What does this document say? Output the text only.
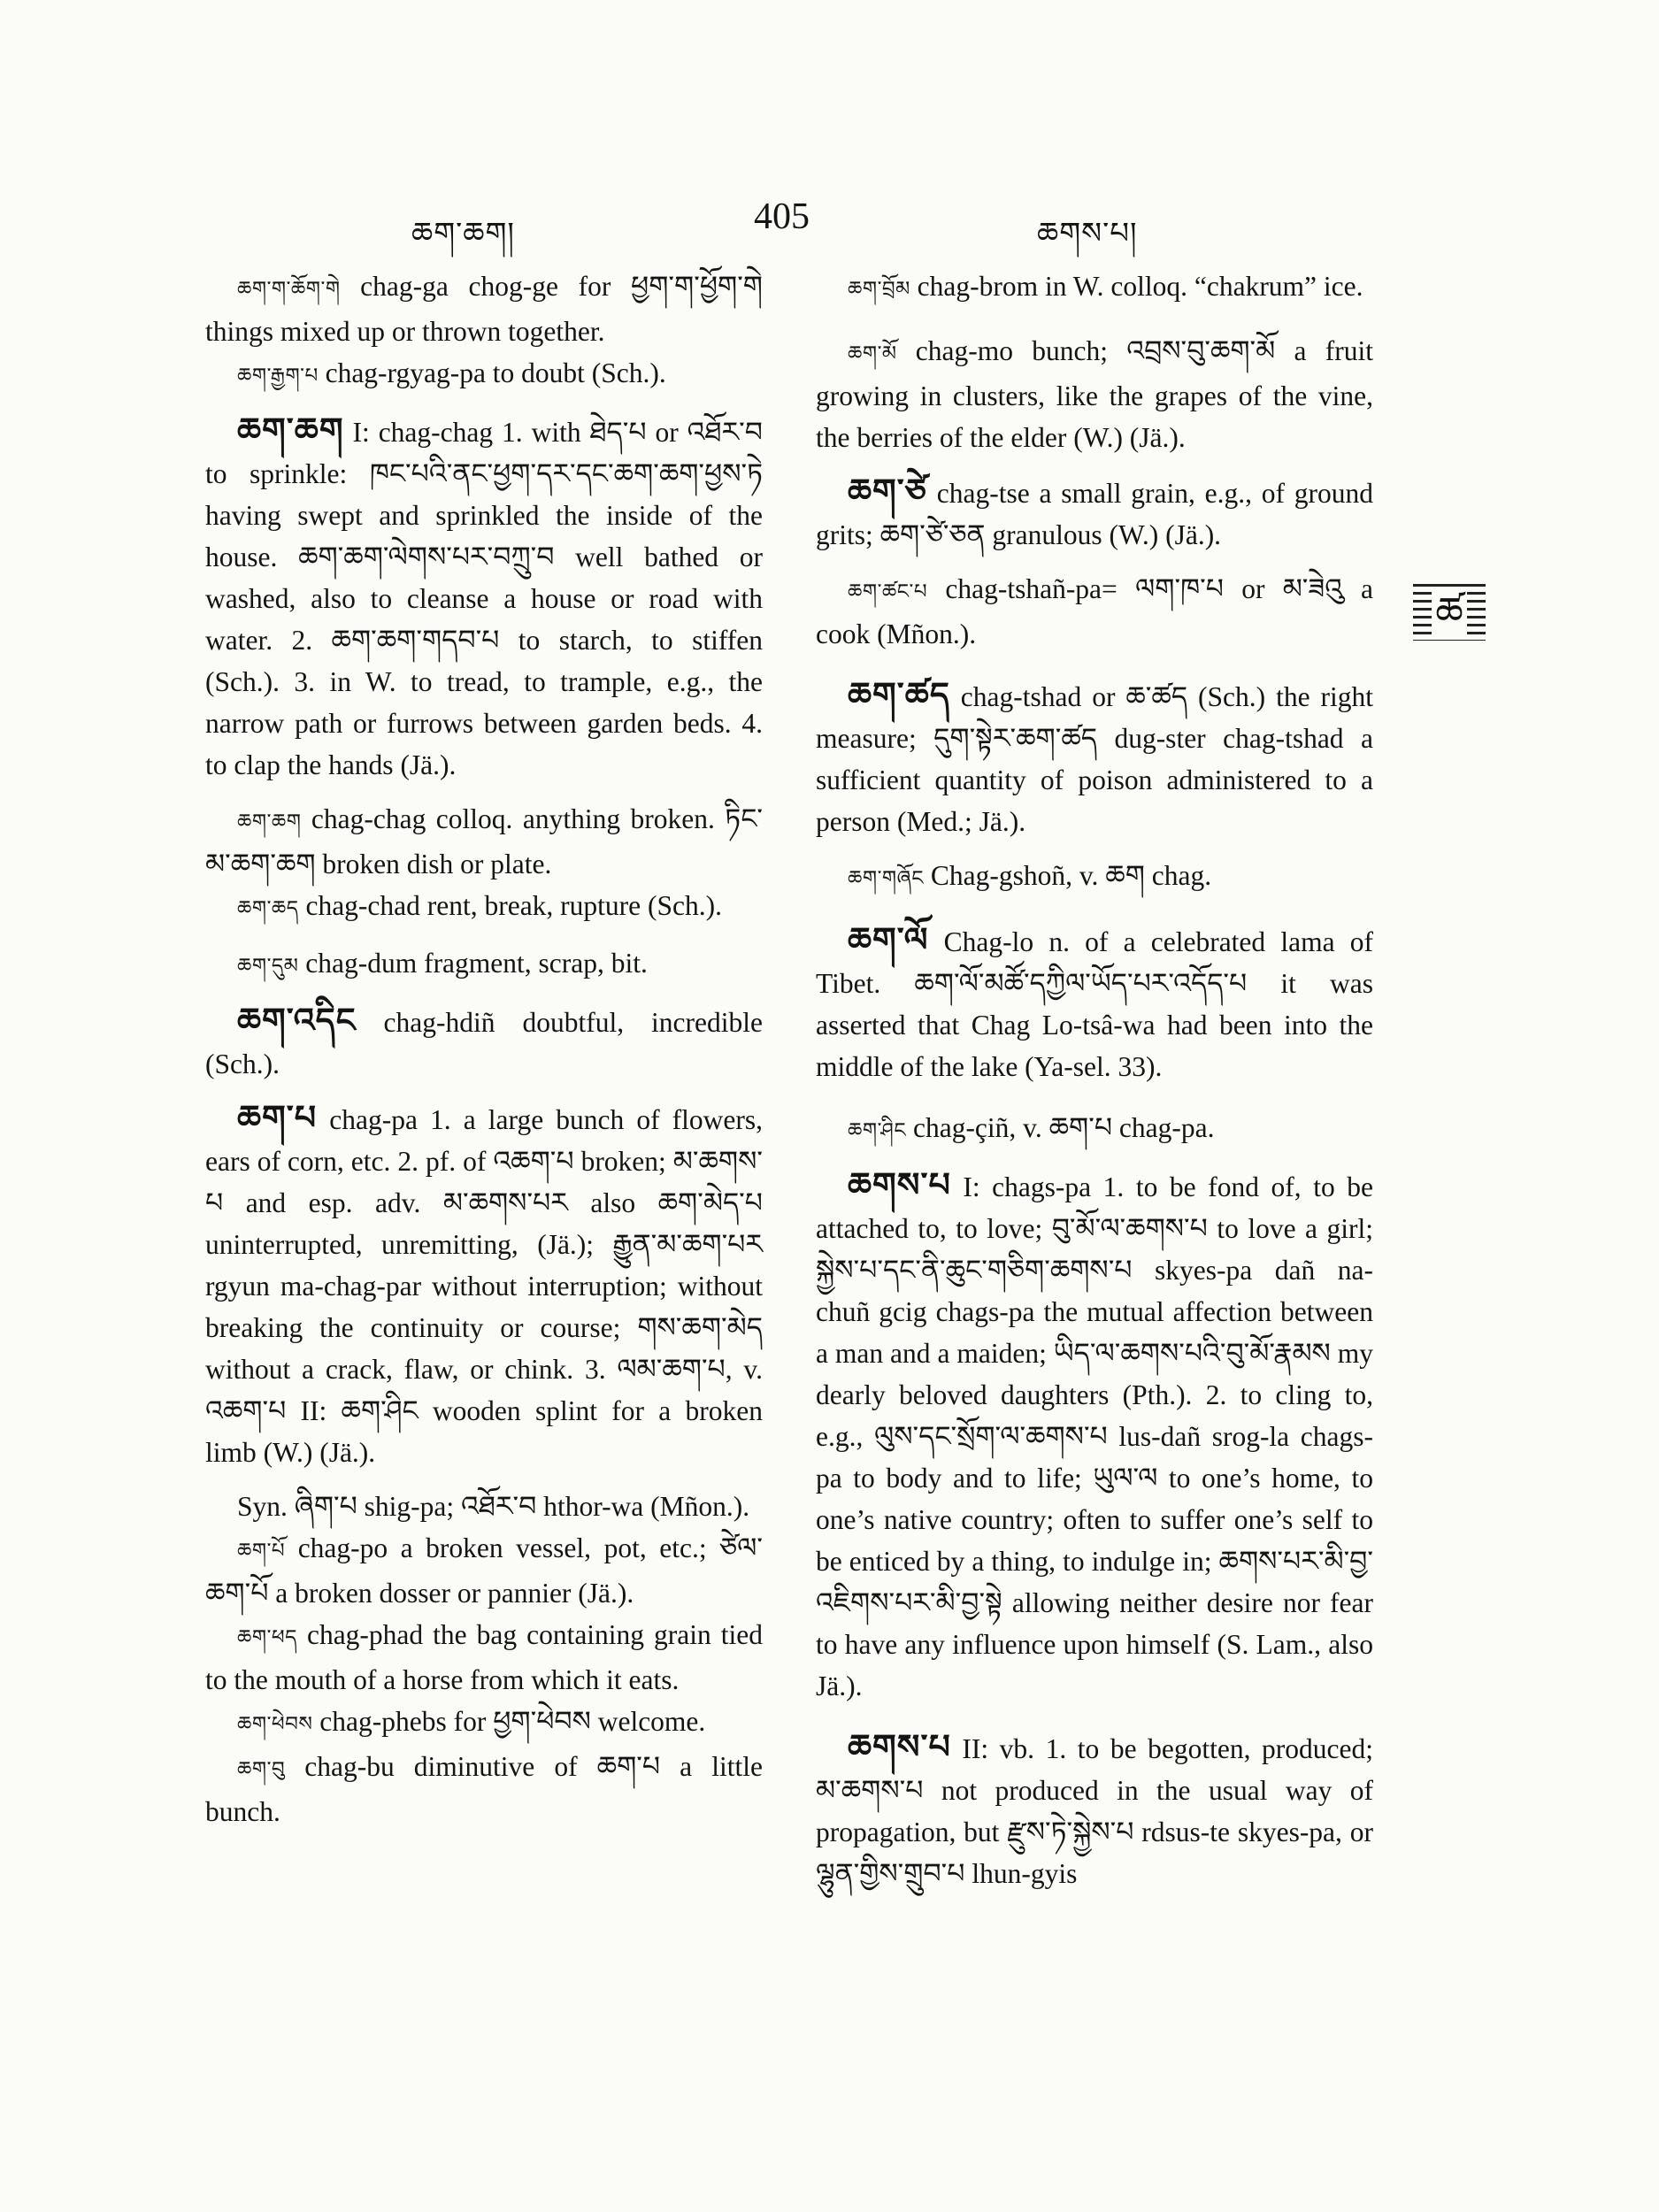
ཆག་ཆག།	405	ཆགས་པ།

ཆག་ག་ཆོག་གེ chag-ga chog-ge for ཕྱག་ག་ཕྱོག་གེ things mixed up or thrown together.

ཆག་རྒྱག་པ chag-rgyag-pa to doubt (Sch.).

ཆག་ཆག I: chag-chag 1. with ཐེད་པ or འཐོར་བ to sprinkle: ཁང་པའི་ནང་ཕྱག་དར་དང་ཆག་ཆག་ཕྱས་ཏེ having swept and sprinkled the inside of the house. ཆག་ཆག་ལེགས་པར་བཀྲུ་བ well bathed or washed, also to cleanse a house or road with water. 2. ཆག་ཆག་གདབ་པ to starch, to stiffen (Sch.). 3. in W. to tread, to trample, e.g., the narrow path or furrows between garden beds. 4. to clap the hands (Jä.).

ཆག་ཆག chag-chag colloq. anything broken. ཏིང་མ་ཆག་ཆག broken dish or plate.

ཆག་ཆད chag-chad rent, break, rupture (Sch.).

ཆག་དུམ chag-dum fragment, scrap, bit.

ཆག་འདིང chag-hdiñ doubtful, incredible (Sch.).

ཆག་པ chag-pa 1. a large bunch of flowers, ears of corn, etc. 2. pf. of འཆག་པ broken; མ་ཆགས་པ and esp. adv. མ་ཆགས་པར also ཆག་མེད་པ uninterrupted, unremitting, (Jä.); རྒྱུན་མ་ཆག་པར rgyun ma-chag-par without interruption; without breaking the continuity or course; གས་ཆག་མེད without a crack, flaw, or chink. 3. ལམ་ཆག་པ, v. འཆག་པ II: ཆག་ཤིང wooden splint for a broken limb (W.) (Jä.).

Syn. ཞིག་པ shig-pa; འཐོར་བ hthor-wa (Mñon.).

ཆག་པོ chag-po a broken vessel, pot, etc.; ཙེལ་ཆག་པོ a broken dosser or pannier (Jä.).

ཆག་ཕད chag-phad the bag containing grain tied to the mouth of a horse from which it eats.

ཆག་ཕེབས chag-phebs for ཕྱག་ཕེབས welcome.

ཆག་བུ chag-bu diminutive of ཆག་པ a little bunch.

ཆག་བྲོམ chag-brom in W. colloq. “chakrum” ice.

ཆག་མོ chag-mo bunch; འབྲས་བུ་ཆག་མོ a fruit growing in clusters, like the grapes of the vine, the berries of the elder (W.) (Jä.).

ཆག་ཙེ chag-tse a small grain, e.g., of ground grits; ཆག་ཙེ་ཅན granulous (W.) (Jä.).

ཆག་ཚང་པ chag-tshañ-pa= ལག་ཁ་པ or མ་ཟེའུ a cook (Mñon.).

ཆག་ཚད chag-tshad or ཆ་ཚད (Sch.) the right measure; དུག་སྟེར་ཆག་ཚད dug-ster chag-tshad a sufficient quantity of poison administered to a person (Med.; Jä.).

ཆག་གཞོང Chag-gshoñ, v. ཆག chag.

ཆག་ལོ Chag-lo n. of a celebrated lama of Tibet. ཆག་ལོ་མཚོ་དཀྱིལ་ཡོད་པར་འདོད་པ it was asserted that Chag Lo-tsâ-wa had been into the middle of the lake (Ya-sel. 33).

ཆག་ཤིང chag-çiñ, v. ཆག་པ chag-pa.

ཆགས་པ I: chags-pa 1. to be fond of, to be attached to, to love; བུ་མོ་ལ་ཆགས་པ to love a girl; སྐྱེས་པ་དང་ནི་ཆུང་གཅིག་ཆགས་པ skyes-pa dañ na-chuñ gcig chags-pa the mutual affection between a man and a maiden; ཡིད་ལ་ཆགས་པའི་བུ་མོ་རྣམས my dearly beloved daughters (Pth.). 2. to cling to, e.g., ལུས་དང་སྲོག་ལ་ཆགས་པ lus-dañ srog-la chags-pa to body and to life; ཡུལ་ལ to one’s home, to one’s native country; often to suffer one’s self to be enticed by a thing, to indulge in; ཆགས་པར་མི་བྱ་འཇིགས་པར་མི་བྱ་སྟེ allowing neither desire nor fear to have any influence upon himself (S. Lam., also Jä.).

ཆགས་པ II: vb. 1. to be begotten, produced; མ་ཆགས་པ not produced in the usual way of propagation, but རྫུས་ཏེ་སྐྱེས་པ rdsus-te skyes-pa, or ལྷུན་གྱིས་གྲུབ་པ lhun-gyis

ཚ
